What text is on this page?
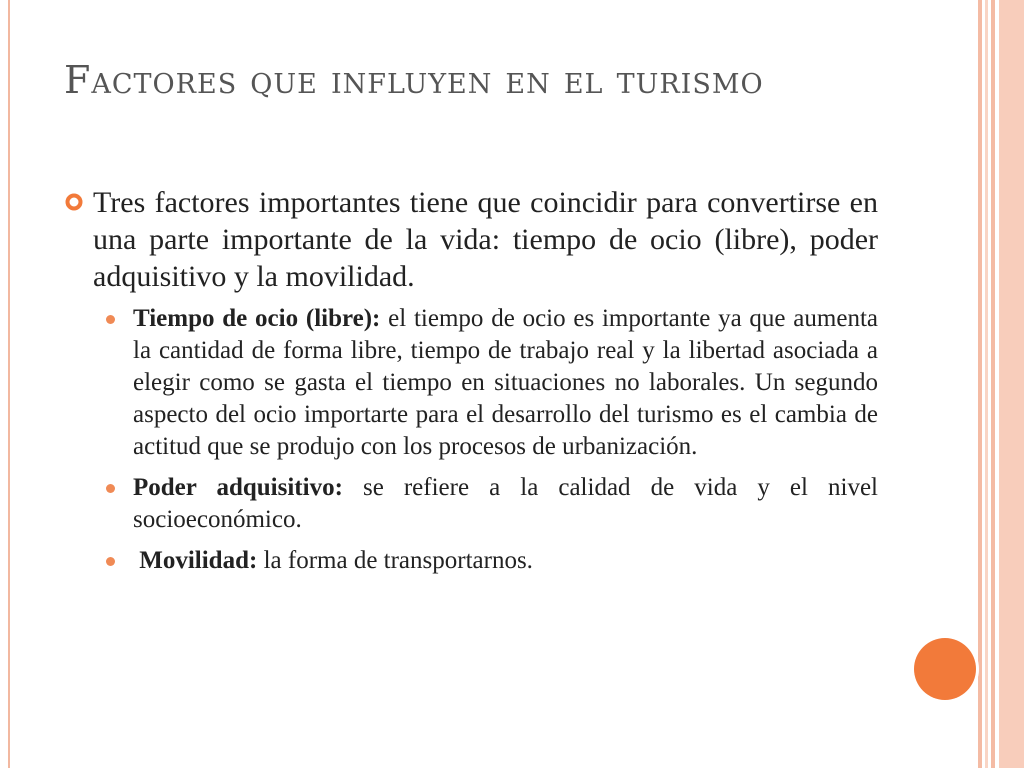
Factores que influyen en el turismo
Tres factores importantes tiene que coincidir para convertirse en una parte importante de la vida: tiempo de ocio (libre), poder adquisitivo y la movilidad.
Tiempo de ocio (libre): el tiempo de ocio es importante ya que aumenta la cantidad de forma libre, tiempo de trabajo real y la libertad asociada a elegir como se gasta el tiempo en situaciones no laborales. Un segundo aspecto del ocio importarte para el desarrollo del turismo es el cambia de actitud que se produjo con los procesos de urbanización.
Poder adquisitivo: se refiere a la calidad de vida y el nivel socioeconómico.
Movilidad: la forma de transportarnos.
